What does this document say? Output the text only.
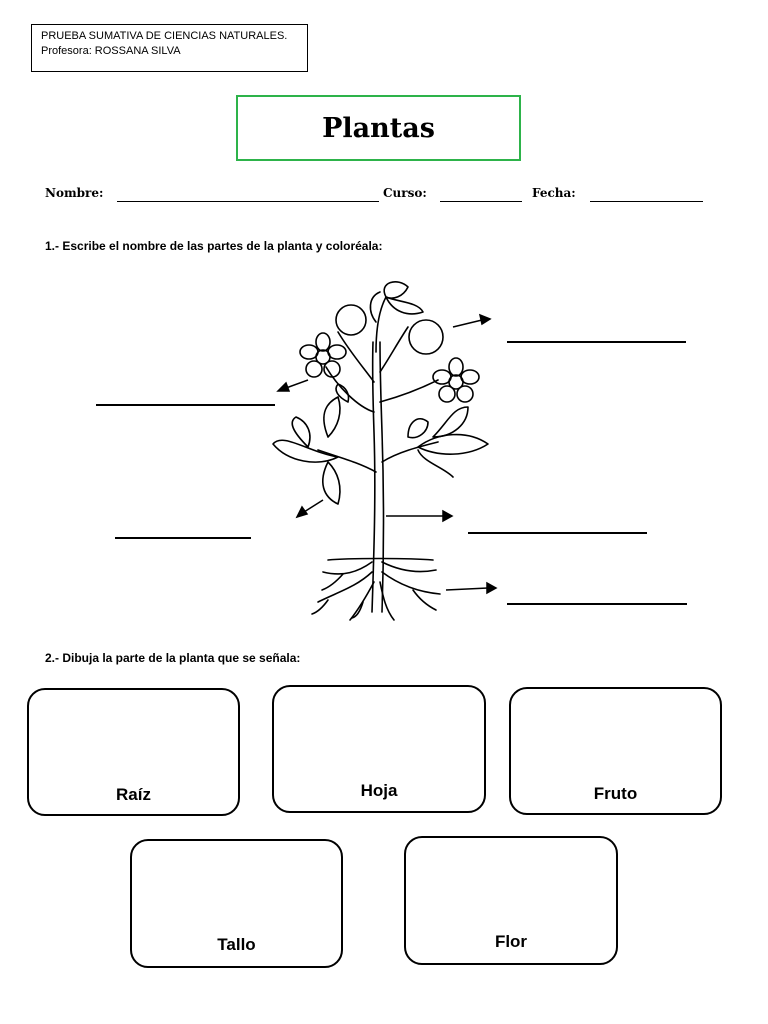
PRUEBA SUMATIVA DE CIENCIAS NATURALES.
Profesora: ROSSANA SILVA
Plantas
Nombre:	Curso:	Fecha:
1.- Escribe el nombre de las partes de la planta y coloréala:
2.- Dibuja la parte de la planta que se señala:
Raíz	Hoja	Fruto
Tallo	Flor
